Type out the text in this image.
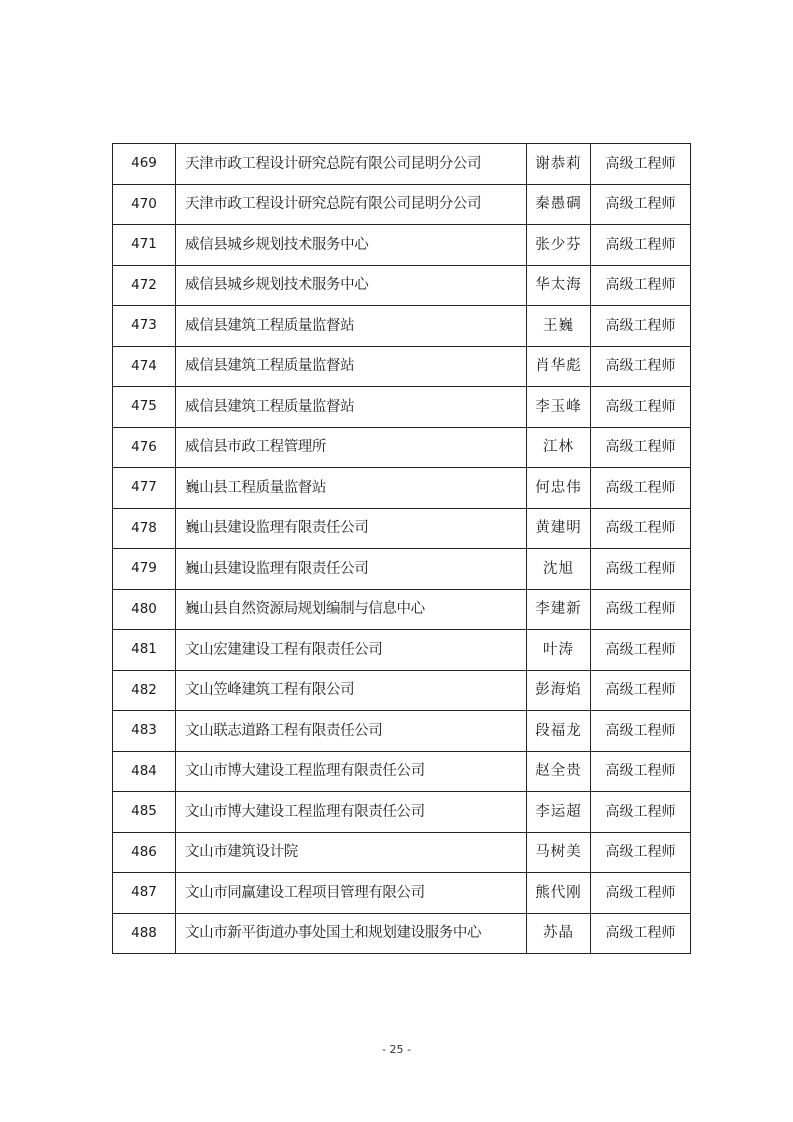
469	天津市政工程设计研究总院有限公司昆明分公司	谢恭莉	高级工程师
470	天津市政工程设计研究总院有限公司昆明分公司	秦愚碉	高级工程师
471	威信县城乡规划技术服务中心	张少芬	高级工程师
472	威信县城乡规划技术服务中心	华太海	高级工程师
473	威信县建筑工程质量监督站	王巍	高级工程师
474	威信县建筑工程质量监督站	肖华彪	高级工程师
475	威信县建筑工程质量监督站	李玉峰	高级工程师
476	威信县市政工程管理所	江林	高级工程师
477	巍山县工程质量监督站	何忠伟	高级工程师
478	巍山县建设监理有限责任公司	黄建明	高级工程师
479	巍山县建设监理有限责任公司	沈旭	高级工程师
480	巍山县自然资源局规划编制与信息中心	李建新	高级工程师
481	文山宏建建设工程有限责任公司	叶涛	高级工程师
482	文山笠峰建筑工程有限公司	彭海焰	高级工程师
483	文山联志道路工程有限责任公司	段福龙	高级工程师
484	文山市博大建设工程监理有限责任公司	赵全贵	高级工程师
485	文山市博大建设工程监理有限责任公司	李运超	高级工程师
486	文山市建筑设计院	马树美	高级工程师
487	文山市同赢建设工程项目管理有限公司	熊代刚	高级工程师
488	文山市新平街道办事处国土和规划建设服务中心	苏晶	高级工程师
- 25 -
